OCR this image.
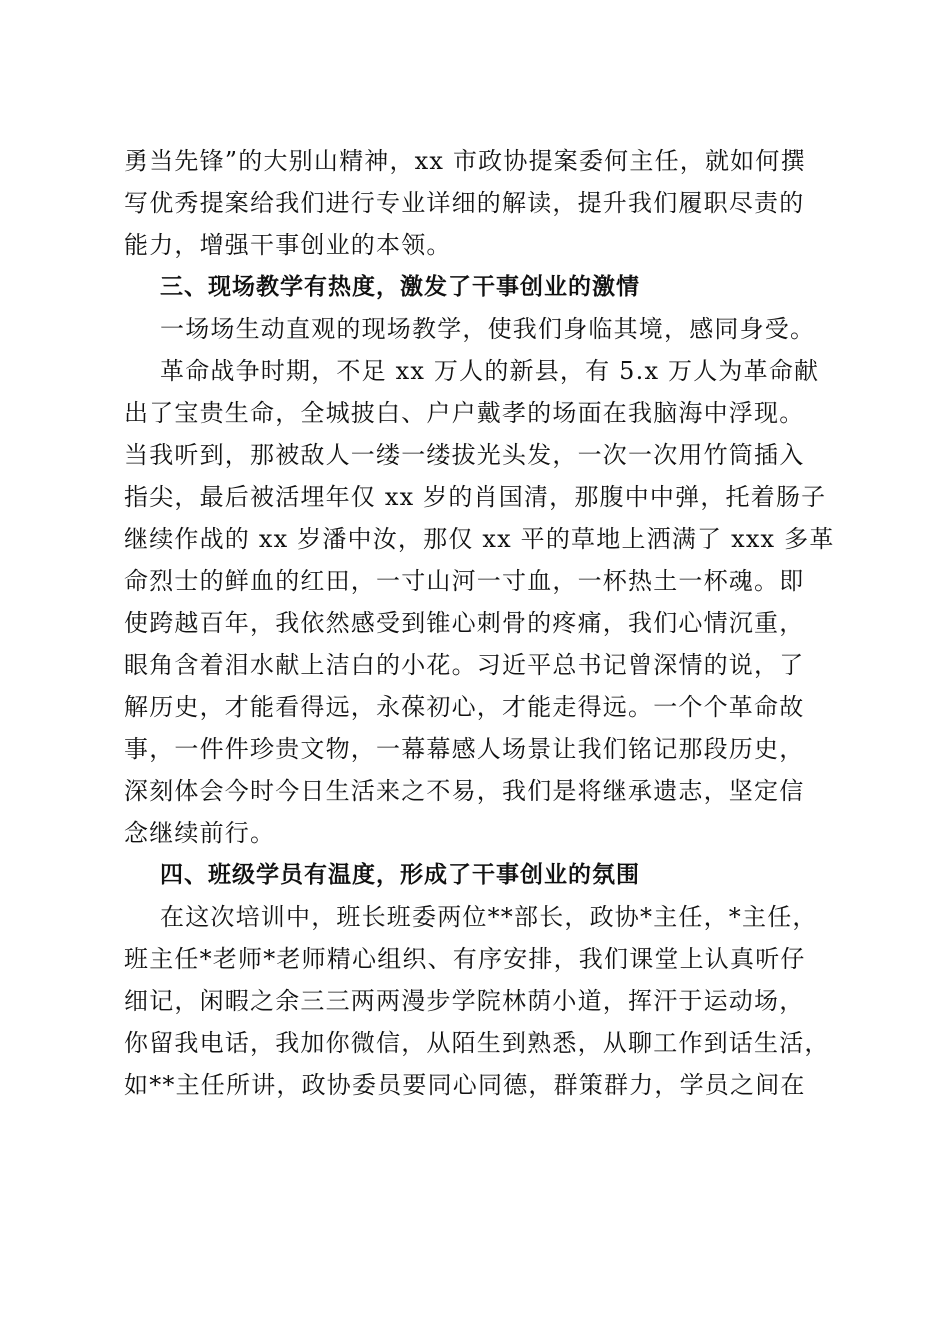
勇当先锋”的大别山精神，xx 市政协提案委何主任，就如何撰
写优秀提案给我们进行专业详细的解读，提升我们履职尽责的
能力，增强干事创业的本领。
三、现场教学有热度，激发了干事创业的激情
一场场生动直观的现场教学，使我们身临其境，感同身受。
革命战争时期，不足 xx 万人的新县，有 5.x 万人为革命献
出了宝贵生命，全城披白、户户戴孝的场面在我脑海中浮现。
当我听到，那被敌人一缕一缕拔光头发，一次一次用竹筒插入
指尖，最后被活埋年仅 xx 岁的肖国清，那腹中中弹，托着肠子
继续作战的 xx 岁潘中汝，那仅 xx 平的草地上洒满了 xxx 多革
命烈士的鲜血的红田，一寸山河一寸血，一杯热土一杯魂。即
使跨越百年，我依然感受到锥心刺骨的疼痛，我们心情沉重，
眼角含着泪水献上洁白的小花。习近平总书记曾深情的说，了
解历史，才能看得远，永葆初心，才能走得远。一个个革命故
事，一件件珍贵文物，一幕幕感人场景让我们铭记那段历史，
深刻体会今时今日生活来之不易，我们是将继承遗志，坚定信
念继续前行。
四、班级学员有温度，形成了干事创业的氛围
在这次培训中，班长班委两位**部长，政协*主任，*主任，
班主任*老师*老师精心组织、有序安排，我们课堂上认真听仔
细记，闲暇之余三三两两漫步学院林荫小道，挥汗于运动场，
你留我电话，我加你微信，从陌生到熟悉，从聊工作到话生活，
如**主任所讲，政协委员要同心同德，群策群力，学员之间在
